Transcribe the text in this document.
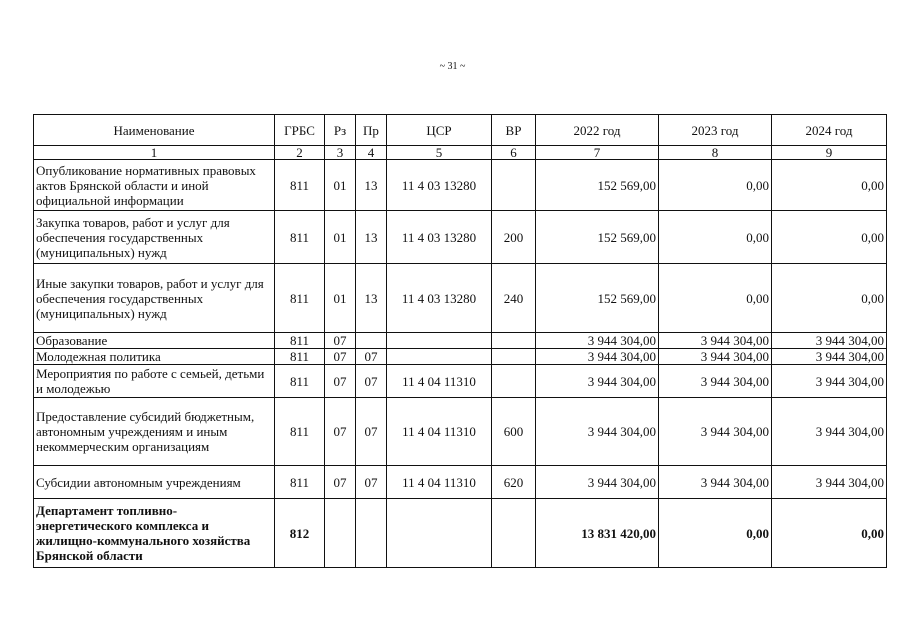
~ 31 ~
Наименование	ГРБС	Рз	Пр	ЦСР	ВР	2022 год	2023 год	2024 год
1	2	3	4	5	6	7	8	9
Опубликование нормативных правовых актов Брянской области и иной официальной информации	811	01	13	11 4 03 13280		152 569,00	0,00	0,00
Закупка товаров, работ и услуг для обеспечения государственных (муниципальных) нужд	811	01	13	11 4 03 13280	200	152 569,00	0,00	0,00
Иные закупки товаров, работ и услуг для обеспечения государственных (муниципальных) нужд	811	01	13	11 4 03 13280	240	152 569,00	0,00	0,00
Образование	811	07				3 944 304,00	3 944 304,00	3 944 304,00
Молодежная политика	811	07	07			3 944 304,00	3 944 304,00	3 944 304,00
Мероприятия по работе с семьей, детьми и молодежью	811	07	07	11 4 04 11310		3 944 304,00	3 944 304,00	3 944 304,00
Предоставление субсидий бюджетным, автономным учреждениям и иным некоммерческим организациям	811	07	07	11 4 04 11310	600	3 944 304,00	3 944 304,00	3 944 304,00
Субсидии автономным учреждениям	811	07	07	11 4 04 11310	620	3 944 304,00	3 944 304,00	3 944 304,00
Департамент топливно-энергетического комплекса и жилищно-коммунального хозяйства Брянской области	812					13 831 420,00	0,00	0,00
